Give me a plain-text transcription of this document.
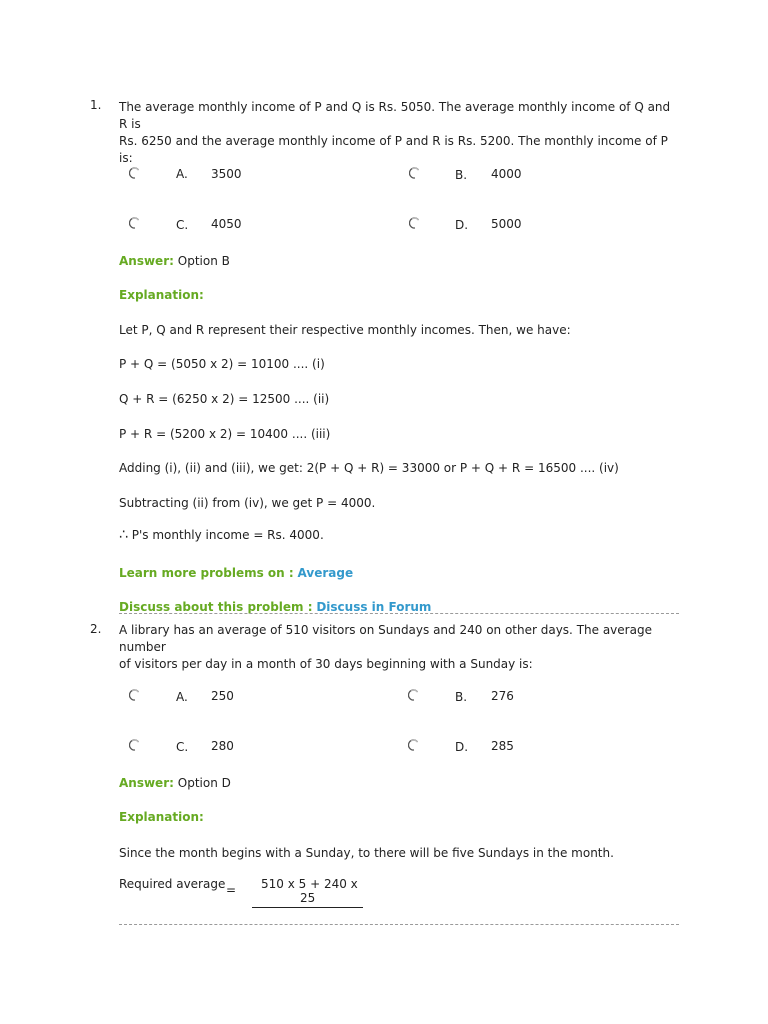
1. The average monthly income of P and Q is Rs. 5050. The average monthly income of Q and R is
Rs. 6250 and the average monthly income of P and R is Rs. 5200. The monthly income of P is:
A. 3500	B. 4000
C. 4050	D. 5000
Answer: Option B
Explanation:
Let P, Q and R represent their respective monthly incomes. Then, we have:
P + Q = (5050 x 2) = 10100 .... (i)
Q + R = (6250 x 2) = 12500 .... (ii)
P + R = (5200 x 2) = 10400 .... (iii)
Adding (i), (ii) and (iii), we get: 2(P + Q + R) = 33000 or P + Q + R = 16500 .... (iv)
Subtracting (ii) from (iv), we get P = 4000.
∴ P's monthly income = Rs. 4000.
Learn more problems on : Average
Discuss about this problem : Discuss in Forum
2. A library has an average of 510 visitors on Sundays and 240 on other days. The average number
of visitors per day in a month of 30 days beginning with a Sunday is:
A. 250	B. 276
C. 280	D. 285
Answer: Option D
Explanation:
Since the month begins with a Sunday, to there will be five Sundays in the month.
Required average = 510 x 5 + 240 x
25
